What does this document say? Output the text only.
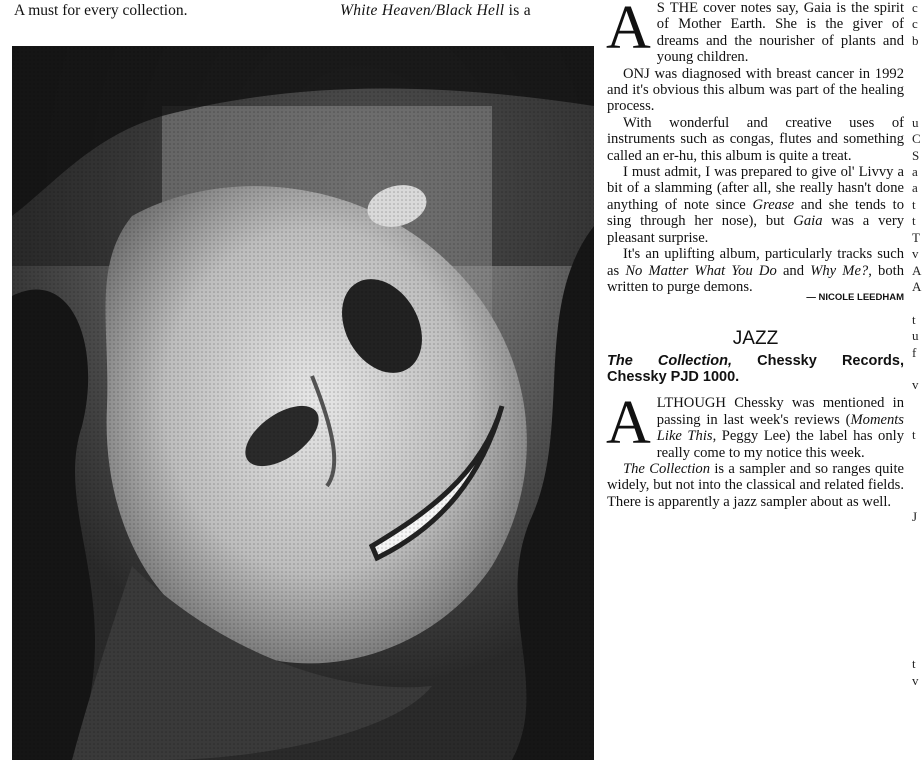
A must for every collection.	White Heaven/Black Hell is a A S THE cover notes say, Gaia is the spirit of Mother Earth. She is the giver of dreams and the nourisher of plants and young children.

ONJ was diagnosed with breast cancer in 1992 and it's obvious this album was part of the healing process.

With wonderful and creative uses of instruments such as congas, flutes and something called an er-hu, this album is quite a treat.

I must admit, I was prepared to give ol' Livvy a bit of a slamming (after all, she really hasn't done anything of note since Grease and she tends to sing through her nose), but Gaia was a very pleasant surprise.

It's an uplifting album, particularly tracks such as No Matter What You Do and Why Me?, both written to purge demons.

— NICOLE LEEDHAM

JAZZ

The Collection, Chessky Records, Chessky PJD 1000.

ALTHOUGH Chessky was mentioned in passing in last week's reviews (Moments Like This, Peggy Lee) the label has only really come to my notice this week.

The Collection is a sampler and so ranges quite widely, but not into the classical and related fields. There is apparently a jazz sampler about as well.

c
c
b

u
C
S
a
a
t
t
T
v
A
A

t
u
f

v

t

J

t
v
